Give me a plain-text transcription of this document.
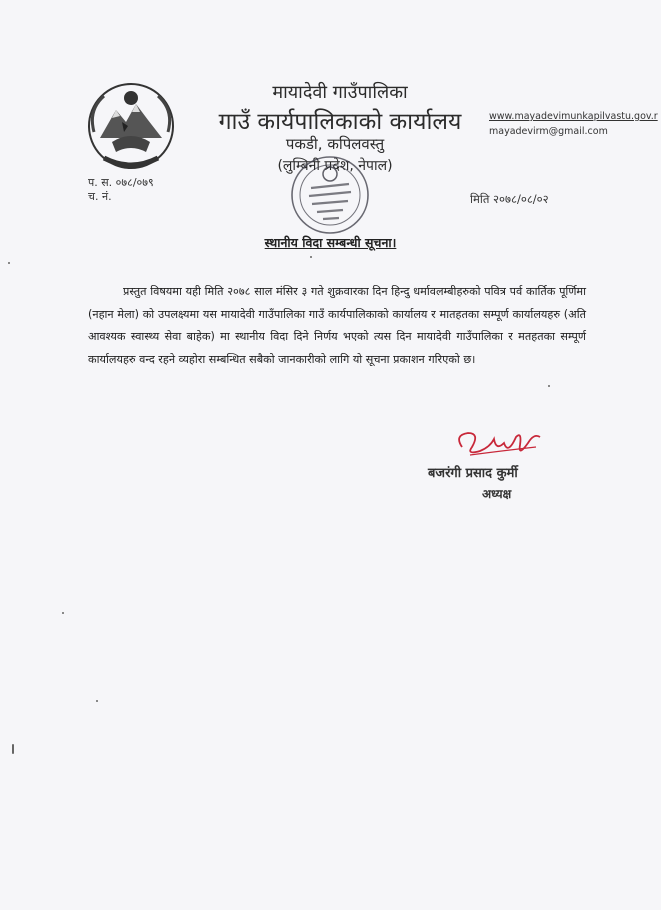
मायादेवी गाउँपालिका
गाउँ कार्यपालिकाको कार्यालय
पकडी, कपिलवस्तु
(लुम्बिनी प्रदेश, नेपाल)
www.mayadevimunkapilvastu.gov.r
mayadevirm@gmail.com
प. स. ०७८/०७९
च. नं.	मिति २०७८/०८/०२
स्थानीय विदा सम्बन्धी सूचना।

प्रस्तुत विषयमा यही मिति २०७८ साल मंसिर ३ गते शुक्रवारका दिन हिन्दु धर्मावलम्बीहरुको पवित्र पर्व कार्तिक पूर्णिमा (नहान मेला) को उपलक्ष्यमा यस मायादेवी गाउँपालिका गाउँ कार्यपालिकाको कार्यालय र मातहतका सम्पूर्ण कार्यालयहरु (अति आवश्यक स्वास्थ्य सेवा बाहेक) मा स्थानीय विदा दिने निर्णय भएको त्यस दिन मायादेवी गाउँपालिका र मतहतका सम्पूर्ण कार्यालयहरु वन्द रहने व्यहोरा सम्बन्धित सबैको जानकारीको लागि यो सूचना प्रकाशन गरिएको छ।

बजरंगी प्रसाद कुर्मी
अध्यक्ष
